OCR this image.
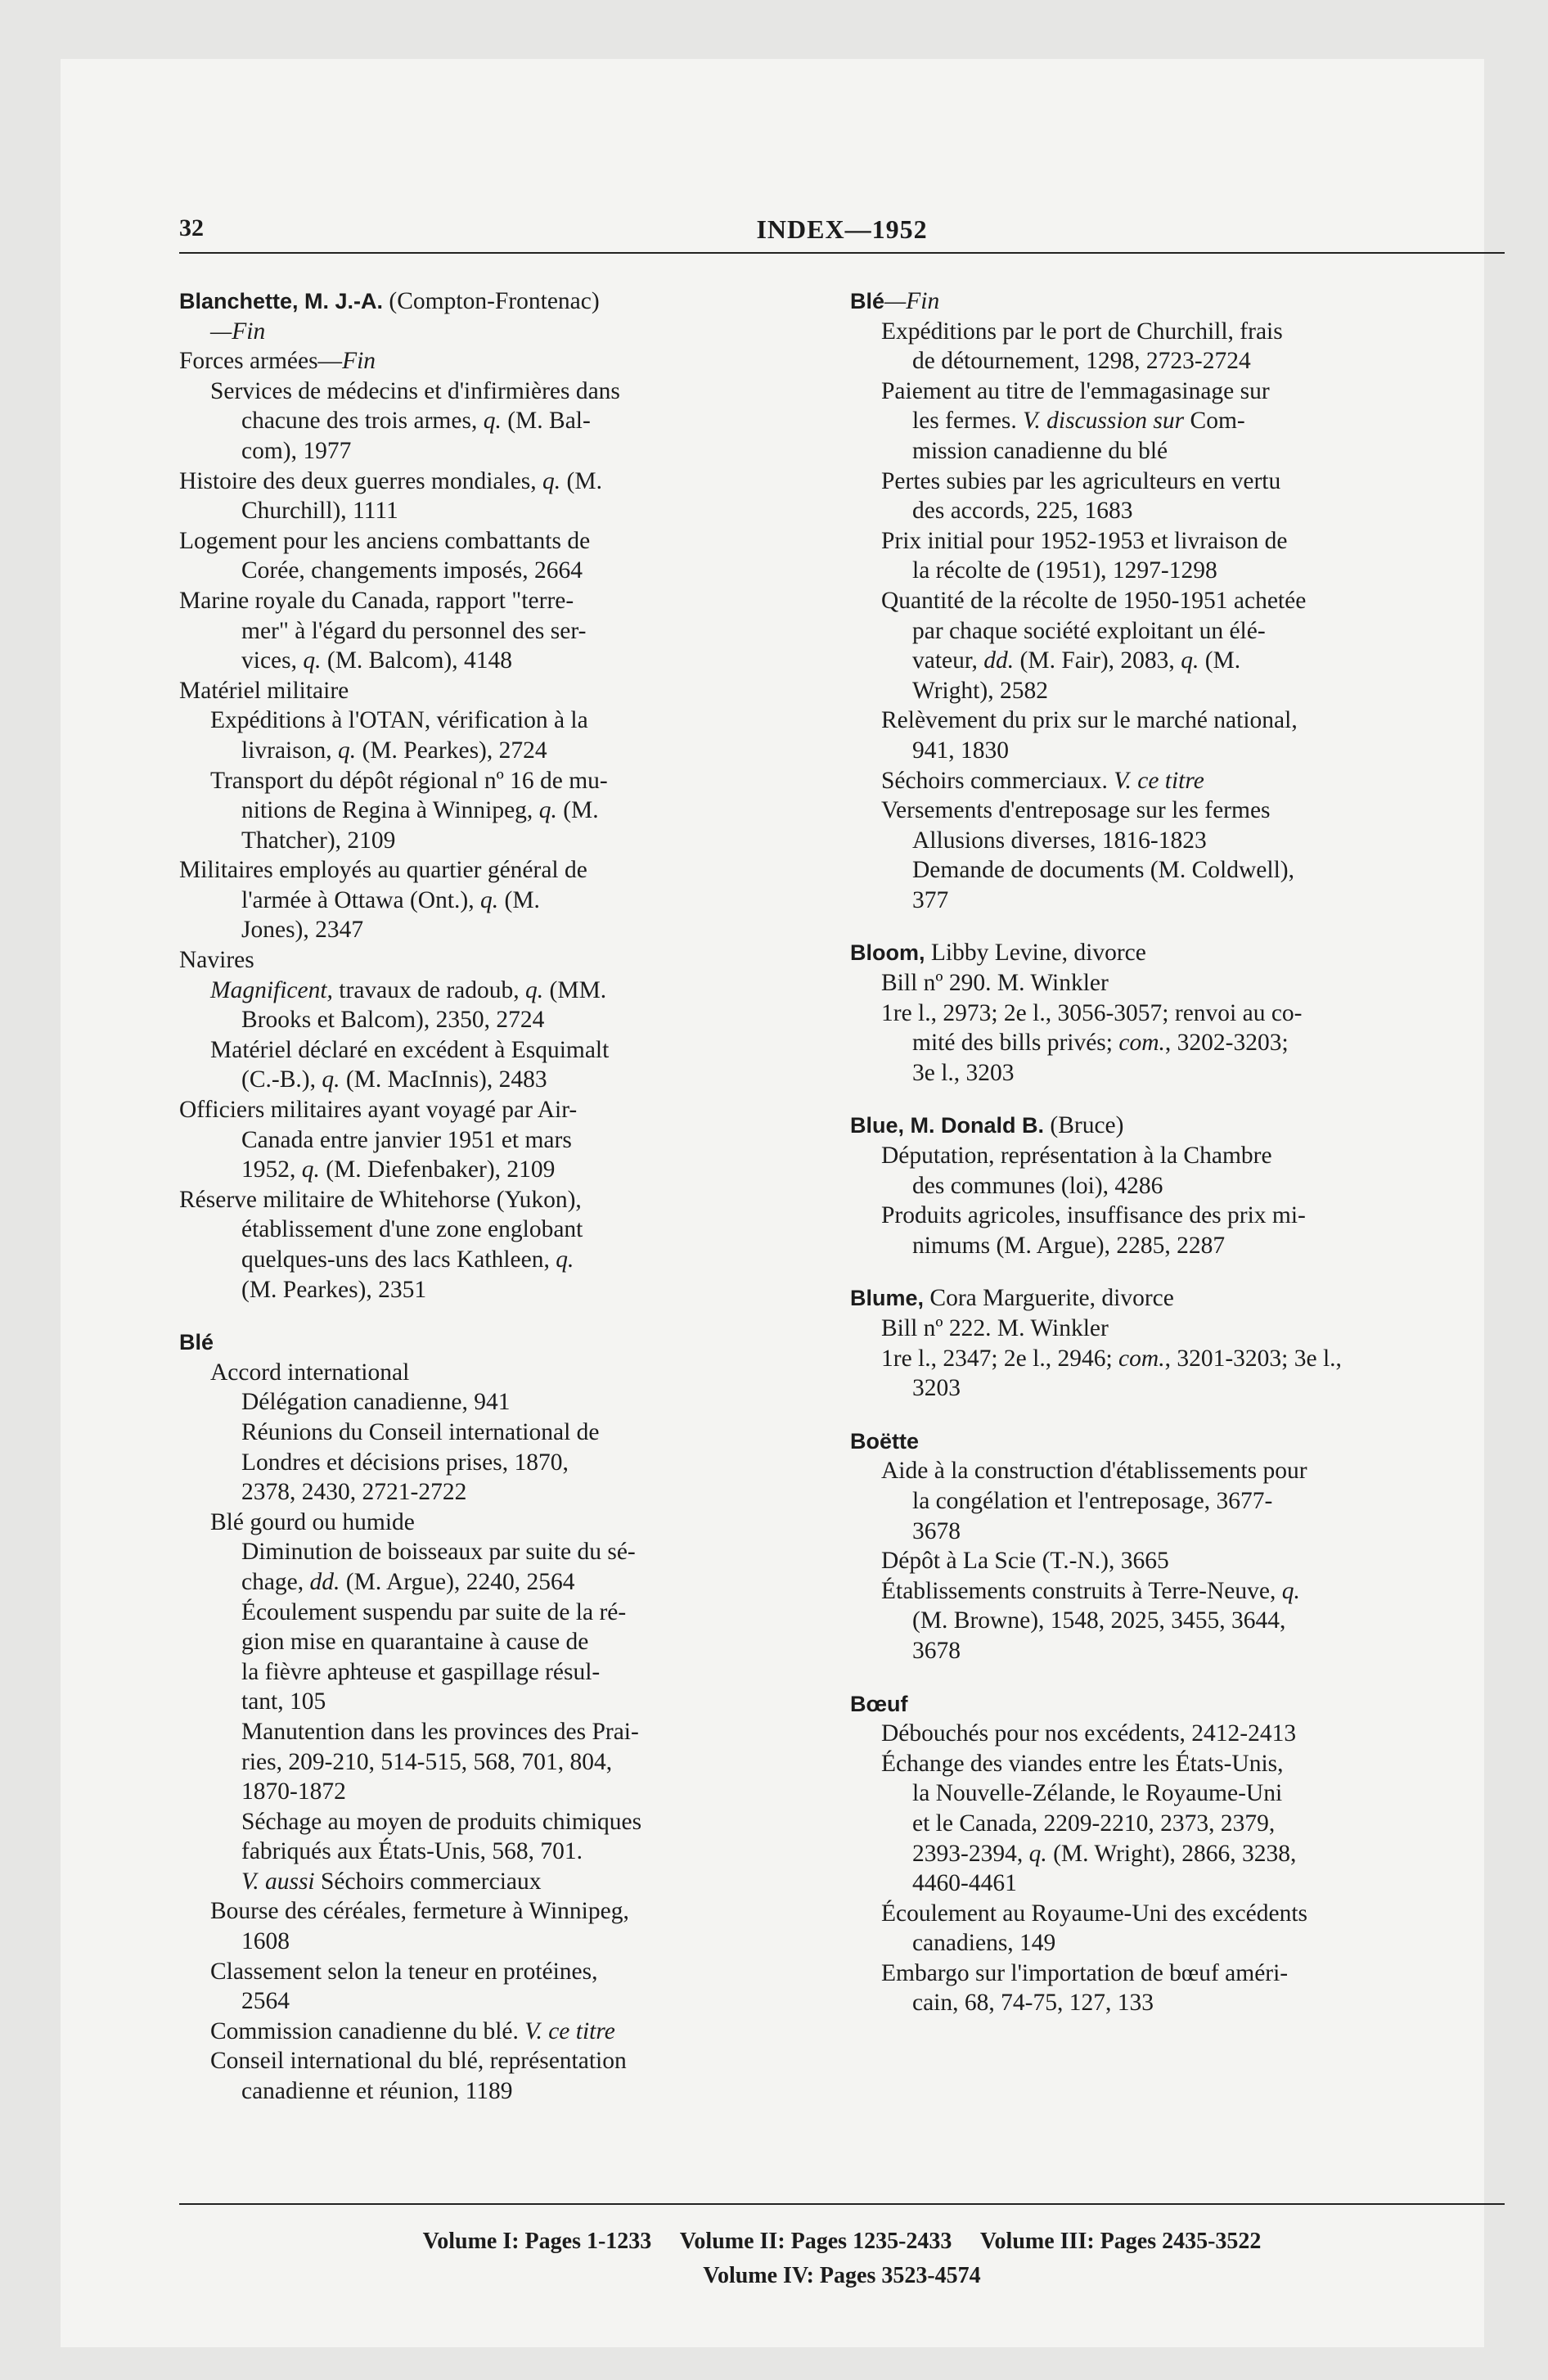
32	INDEX—1952
Blanchette, M. J.-A. (Compton-Frontenac)
—Fin
Forces armées—Fin
Services de médecins et d'infirmières dans
chacune des trois armes, q. (M. Bal-
com), 1977
Histoire des deux guerres mondiales, q. (M.
Churchill), 1111
Logement pour les anciens combattants de
Corée, changements imposés, 2664
Marine royale du Canada, rapport "terre-
mer" à l'égard du personnel des ser-
vices, q. (M. Balcom), 4148
Matériel militaire
Expéditions à l'OTAN, vérification à la
livraison, q. (M. Pearkes), 2724
Transport du dépôt régional nº 16 de mu-
nitions de Regina à Winnipeg, q. (M.
Thatcher), 2109
Militaires employés au quartier général de
l'armée à Ottawa (Ont.), q. (M.
Jones), 2347
Navires
Magnificent, travaux de radoub, q. (MM.
Brooks et Balcom), 2350, 2724
Matériel déclaré en excédent à Esquimalt
(C.-B.), q. (M. MacInnis), 2483
Officiers militaires ayant voyagé par Air-
Canada entre janvier 1951 et mars
1952, q. (M. Diefenbaker), 2109
Réserve militaire de Whitehorse (Yukon),
établissement d'une zone englobant
quelques-uns des lacs Kathleen, q.
(M. Pearkes), 2351
Blé
Accord international
Délégation canadienne, 941
Réunions du Conseil international de
Londres et décisions prises, 1870,
2378, 2430, 2721-2722
Blé gourd ou humide
Diminution de boisseaux par suite du sé-
chage, dd. (M. Argue), 2240, 2564
Écoulement suspendu par suite de la ré-
gion mise en quarantaine à cause de
la fièvre aphteuse et gaspillage résul-
tant, 105
Manutention dans les provinces des Prai-
ries, 209-210, 514-515, 568, 701, 804,
1870-1872
Séchage au moyen de produits chimiques
fabriqués aux États-Unis, 568, 701.
V. aussi Séchoirs commerciaux
Bourse des céréales, fermeture à Winnipeg,
1608
Classement selon la teneur en protéines,
2564
Commission canadienne du blé. V. ce titre
Conseil international du blé, représentation
canadienne et réunion, 1189
Blé—Fin
Expéditions par le port de Churchill, frais
de détournement, 1298, 2723-2724
Paiement au titre de l'emmagasinage sur
les fermes. V. discussion sur Com-
mission canadienne du blé
Pertes subies par les agriculteurs en vertu
des accords, 225, 1683
Prix initial pour 1952-1953 et livraison de
la récolte de (1951), 1297-1298
Quantité de la récolte de 1950-1951 achetée
par chaque société exploitant un élé-
vateur, dd. (M. Fair), 2083, q. (M.
Wright), 2582
Relèvement du prix sur le marché national,
941, 1830
Séchoirs commerciaux. V. ce titre
Versements d'entreposage sur les fermes
Allusions diverses, 1816-1823
Demande de documents (M. Coldwell),
377
Bloom, Libby Levine, divorce
Bill nº 290. M. Winkler
1re l., 2973; 2e l., 3056-3057; renvoi au co-
mité des bills privés; com., 3202-3203;
3e l., 3203
Blue, M. Donald B. (Bruce)
Députation, représentation à la Chambre
des communes (loi), 4286
Produits agricoles, insuffisance des prix mi-
nimums (M. Argue), 2285, 2287
Blume, Cora Marguerite, divorce
Bill nº 222. M. Winkler
1re l., 2347; 2e l., 2946; com., 3201-3203; 3e l.,
3203
Boëtte
Aide à la construction d'établissements pour
la congélation et l'entreposage, 3677-
3678
Dépôt à La Scie (T.-N.), 3665
Établissements construits à Terre-Neuve, q.
(M. Browne), 1548, 2025, 3455, 3644,
3678
Bœuf
Débouchés pour nos excédents, 2412-2413
Échange des viandes entre les États-Unis,
la Nouvelle-Zélande, le Royaume-Uni
et le Canada, 2209-2210, 2373, 2379,
2393-2394, q. (M. Wright), 2866, 3238,
4460-4461
Écoulement au Royaume-Uni des excédents
canadiens, 149
Embargo sur l'importation de bœuf améri-
cain, 68, 74-75, 127, 133
Volume I: Pages 1-1233     Volume II: Pages 1235-2433     Volume III: Pages 2435-3522
Volume IV: Pages 3523-4574
